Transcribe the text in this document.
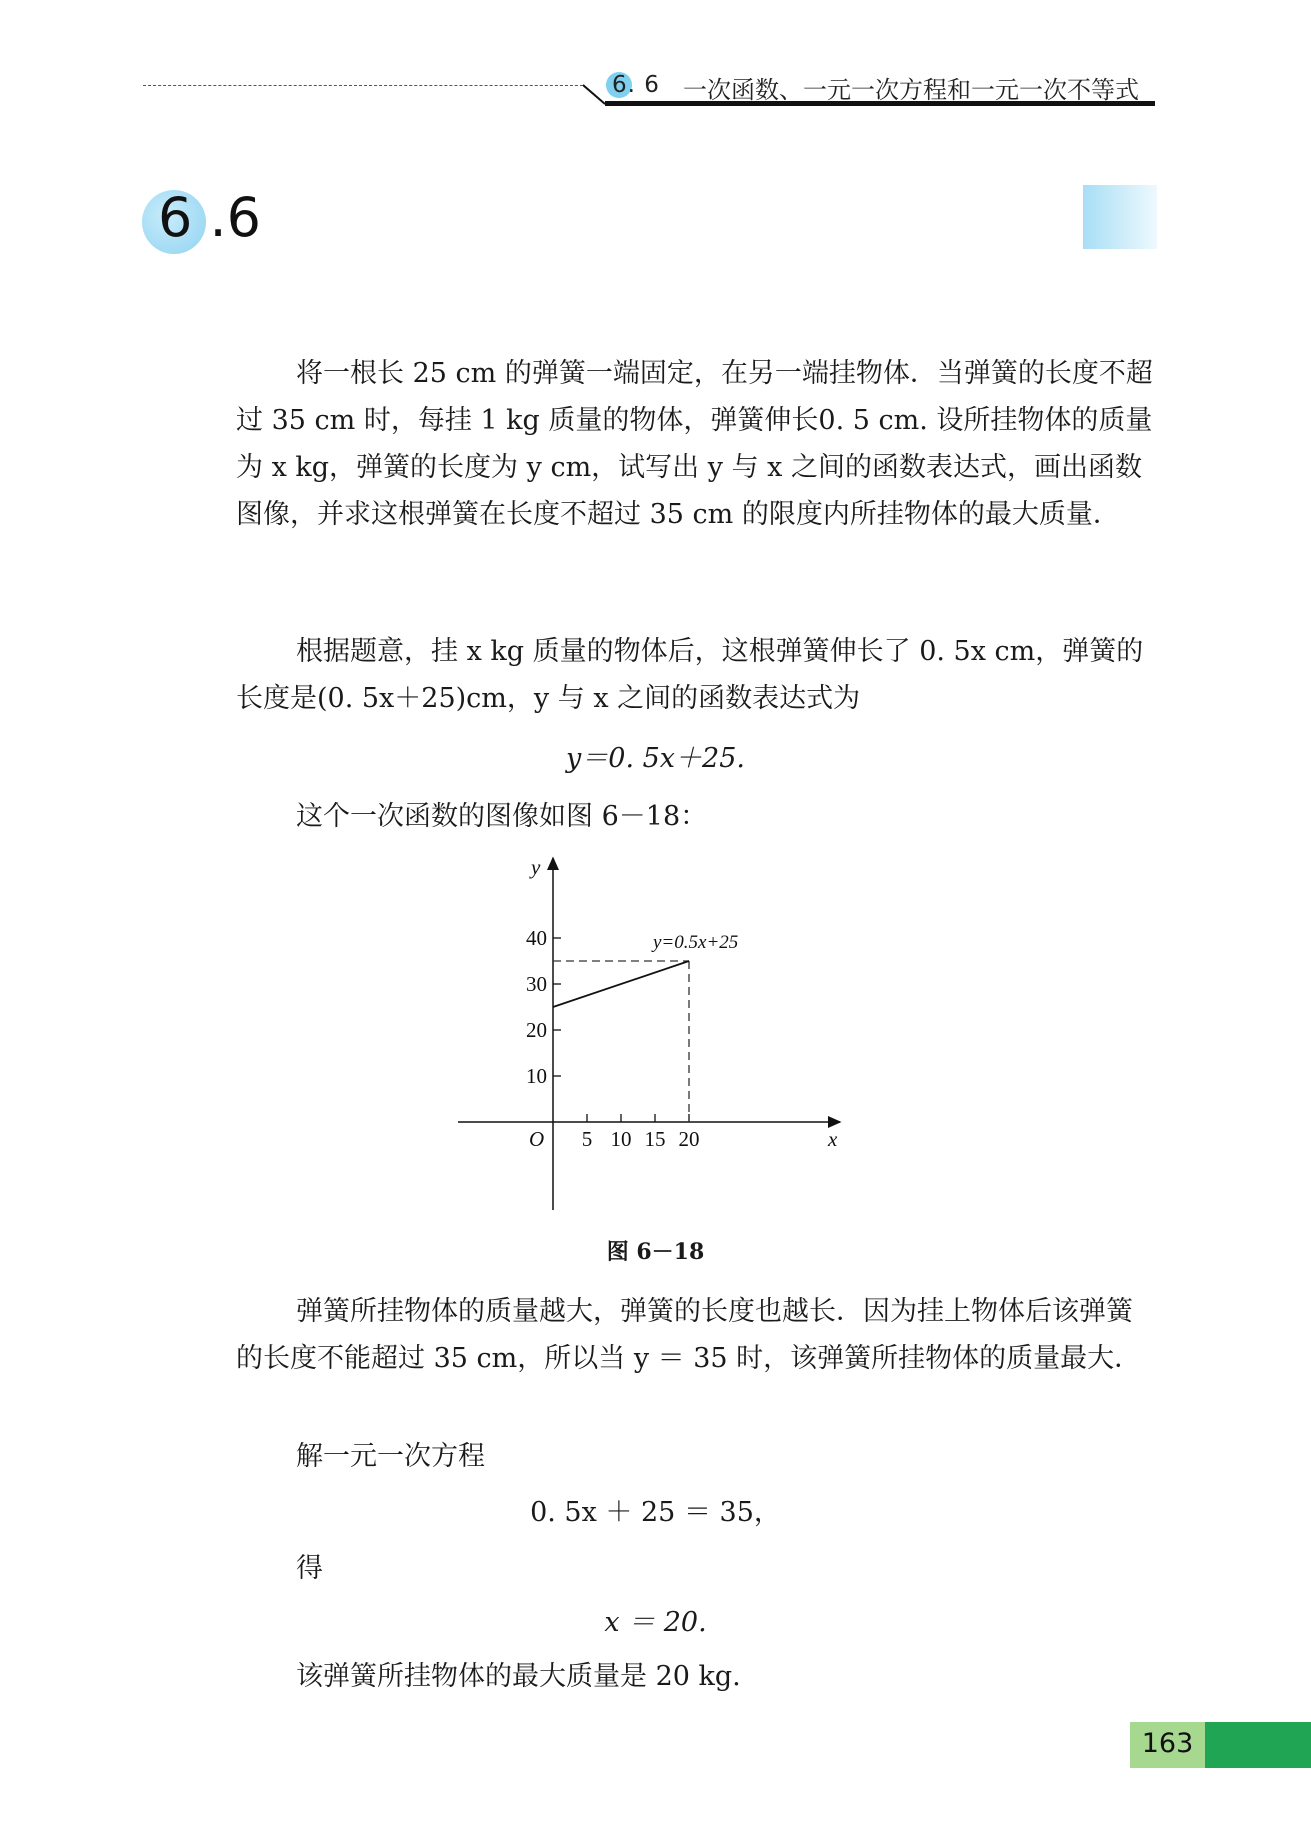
6. 6 一次函数、一元一次方程和一元一次不等式
6 .6

将一根长 25 cm 的弹簧一端固定，在另一端挂物体．当弹簧的长度不超过 35 cm 时，每挂 1 kg 质量的物体，弹簧伸长0. 5 cm. 设所挂物体的质量为 x kg，弹簧的长度为 y cm，试写出 y 与 x 之间的函数表达式，画出函数图像，并求这根弹簧在长度不超过 35 cm 的限度内所挂物体的最大质量．

根据题意，挂 x kg 质量的物体后，这根弹簧伸长了 0. 5x cm，弹簧的长度是(0. 5x＋25)cm，y 与 x 之间的函数表达式为

y＝0. 5x＋25.
这个一次函数的图像如图 6－18：
x
y
O 5 10 15 20
10
20
30
40	y=0.5x+25
图 6－18

弹簧所挂物体的质量越大，弹簧的长度也越长．因为挂上物体后该弹簧的长度不能超过 35 cm，所以当 y ＝ 35 时，该弹簧所挂物体的质量最大．

解一元一次方程
0. 5x ＋ 25 ＝ 35，
得
x ＝ 20.
该弹簧所挂物体的最大质量是 20 kg.
163
